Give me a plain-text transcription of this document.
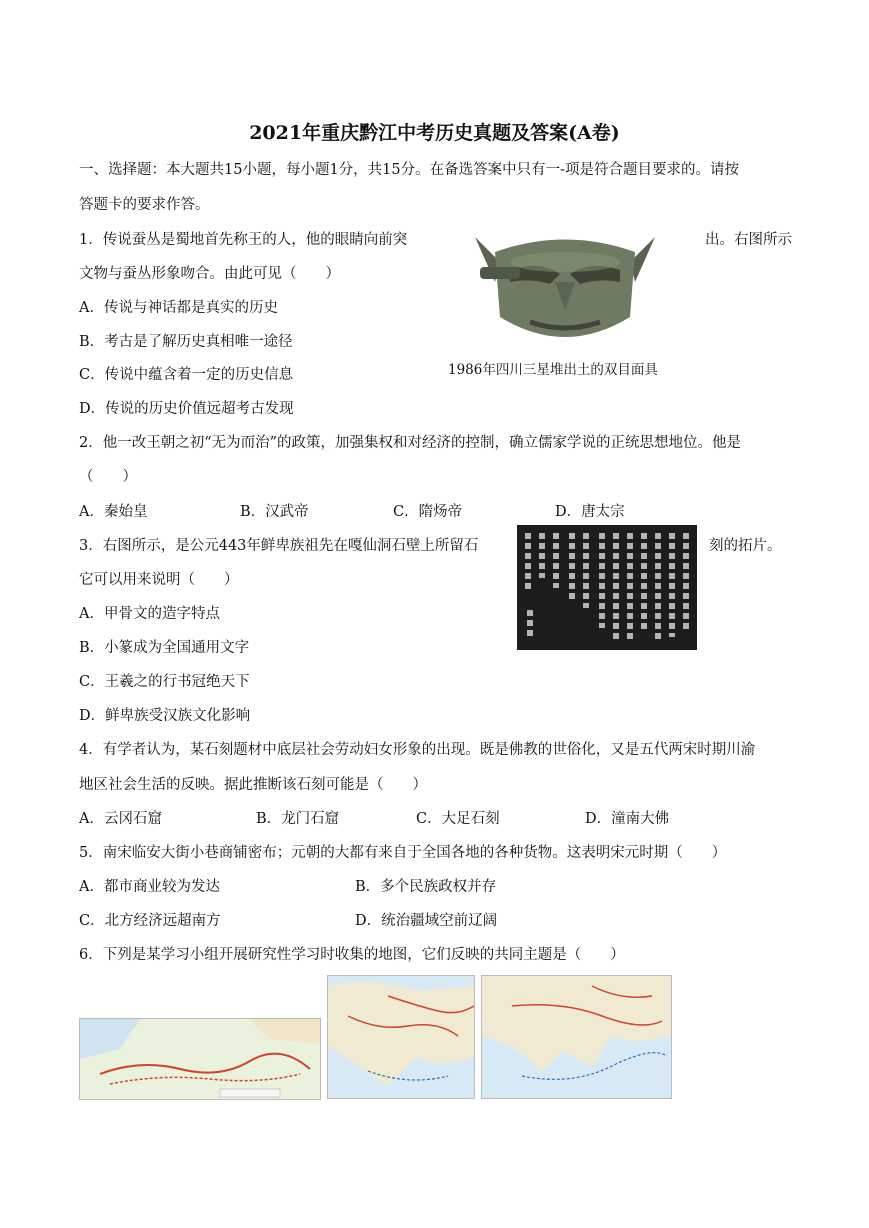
2021年重庆黔江中考历史真题及答案(A卷)
一、选择题：本大题共15小题，每小题1分，共15分。在备选答案中只有一-项是符合题目要求的。请按
答题卡的要求作答。
1．传说蚕丛是蜀地首先称王的人，他的眼睛向前突	出。右图所示
文物与蚕丛形象吻合。由此可见（　　）
A．传说与神话都是真实的历史
B．考古是了解历史真相唯一途径
C．传说中蕴含着一定的历史信息
D．传说的历史价值远超考古发现
1986年四川三星堆出土的双目面具
2．他一改王朝之初“无为而治”的政策，加强集权和对经济的控制，确立儒家学说的正统思想地位。他是
（　　）
A．秦始皇	B．汉武帝	C．隋炀帝	D．唐太宗
3．右图所示，是公元443年鲜卑族祖先在嘎仙洞石壁上所留石	刻的拓片。
它可以用来说明（　　）
A．甲骨文的造字特点
B．小篆成为全国通用文字
C．王羲之的行书冠绝天下
D．鲜卑族受汉族文化影响
4．有学者认为，某石刻题材中底层社会劳动妇女形象的出现。既是佛教的世俗化，又是五代两宋时期川渝
地区社会生活的反映。据此推断该石刻可能是（　　）
A．云冈石窟	B．龙门石窟	C．大足石刻	D．潼南大佛
5．南宋临安大街小巷商铺密布；元朝的大都有来自于全国各地的各种货物。这表明宋元时期（　　）
A．都市商业较为发达	B．多个民族政权并存
C．北方经济远超南方	D．统治疆域空前辽阔
6．下列是某学习小组开展研究性学习时收集的地图，它们反映的共同主题是（　　）
